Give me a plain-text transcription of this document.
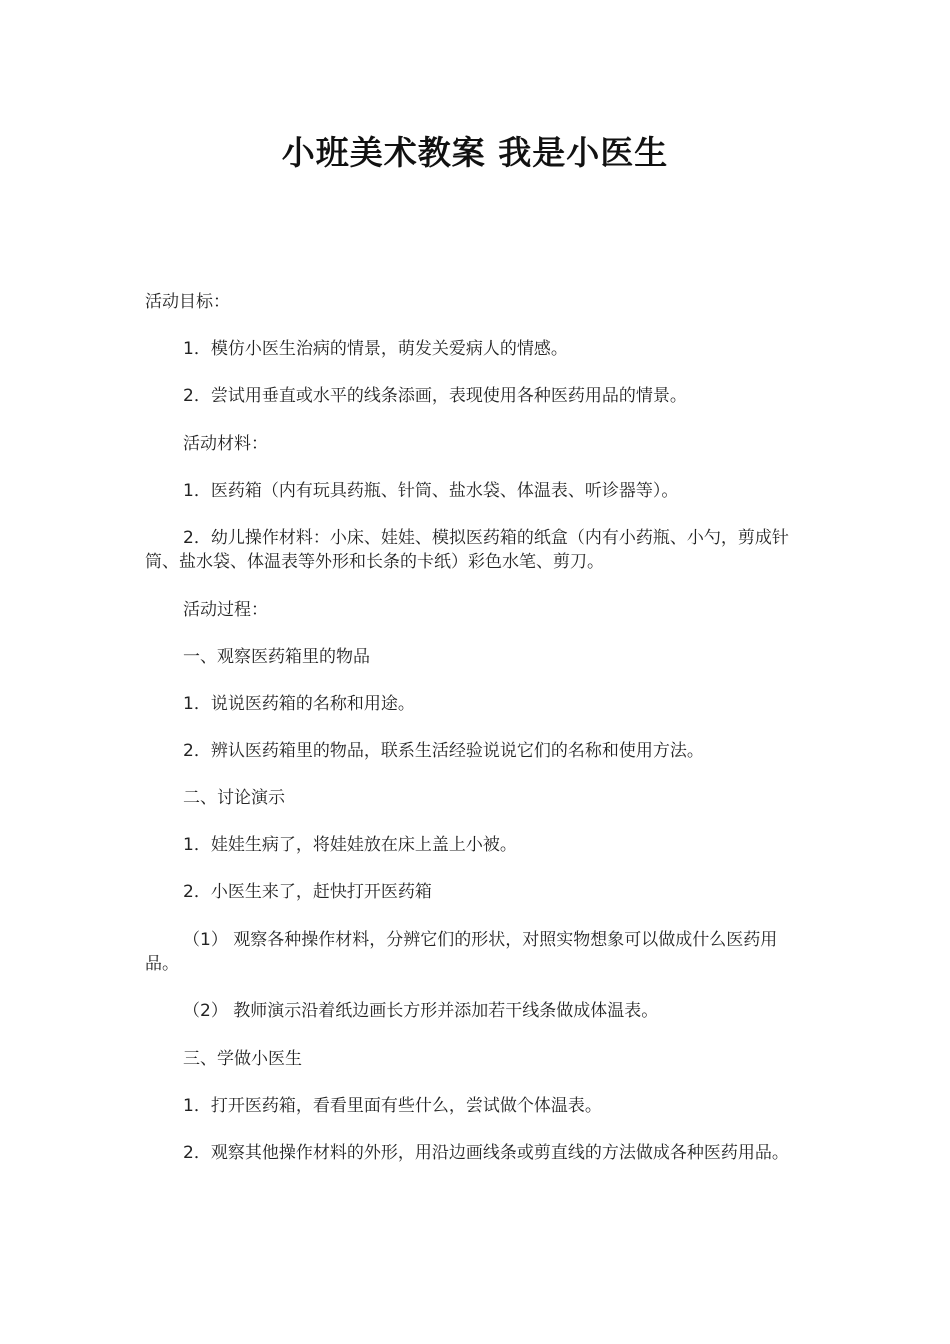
小班美术教案 我是小医生

活动目标：

1．模仿小医生治病的情景，萌发关爱病人的情感。

2．尝试用垂直或水平的线条添画，表现使用各种医药用品的情景。

活动材料：

1．医药箱（内有玩具药瓶、针筒、盐水袋、体温表、听诊器等）。

2．幼儿操作材料：小床、娃娃、模拟医药箱的纸盒（内有小药瓶、小勺，剪成针筒、盐水袋、体温表等外形和长条的卡纸）彩色水笔、剪刀。

活动过程：

一、观察医药箱里的物品

1．说说医药箱的名称和用途。

2．辨认医药箱里的物品，联系生活经验说说它们的名称和使用方法。

二、讨论演示

1．娃娃生病了，将娃娃放在床上盖上小被。

2．小医生来了，赶快打开医药箱

（1） 观察各种操作材料，分辨它们的形状，对照实物想象可以做成什么医药用品。

（2） 教师演示沿着纸边画长方形并添加若干线条做成体温表。

三、学做小医生

1．打开医药箱，看看里面有些什么，尝试做个体温表。

2．观察其他操作材料的外形，用沿边画线条或剪直线的方法做成各种医药用品。
